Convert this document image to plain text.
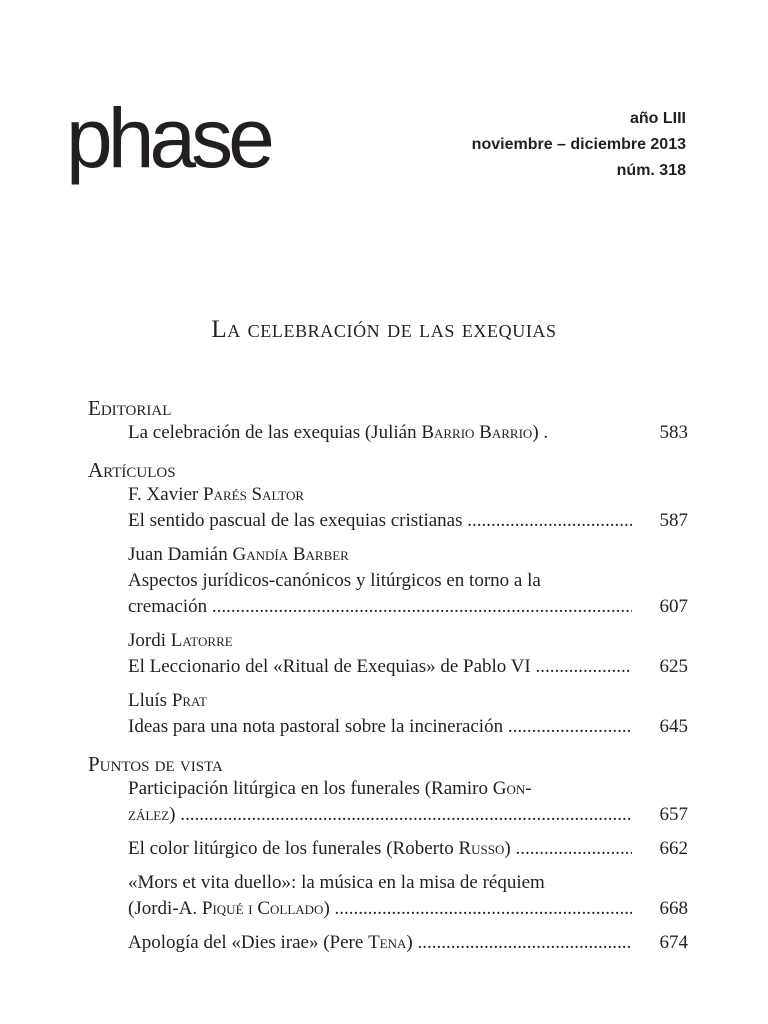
phase	año LIII
noviembre – diciembre 2013
núm. 318
La celebración de las exequias
Editorial
La celebración de las exequias (Julián Barrio Barrio) .	583
Artículos
F. Xavier Parés Saltor
El sentido pascual de las exequias cristianas .....	587
Juan Damián Gandía Barber
Aspectos jurídicos-canónicos y litúrgicos en torno a la
cremación .....	607
Jordi Latorre
El Leccionario del «Ritual de Exequias» de Pablo VI .....	625
Lluís Prat
Ideas para una nota pastoral sobre la incineración .....	645
Puntos de vista
Participación litúrgica en los funerales (Ramiro Gon-
zález) .....	657
El color litúrgico de los funerales (Roberto Russo) .....	662
«Mors et vita duello»: la música en la misa de réquiem
(Jordi-A. Piqué i Collado) .....	668
Apología del «Dies irae» (Pere Tena) .....	674
